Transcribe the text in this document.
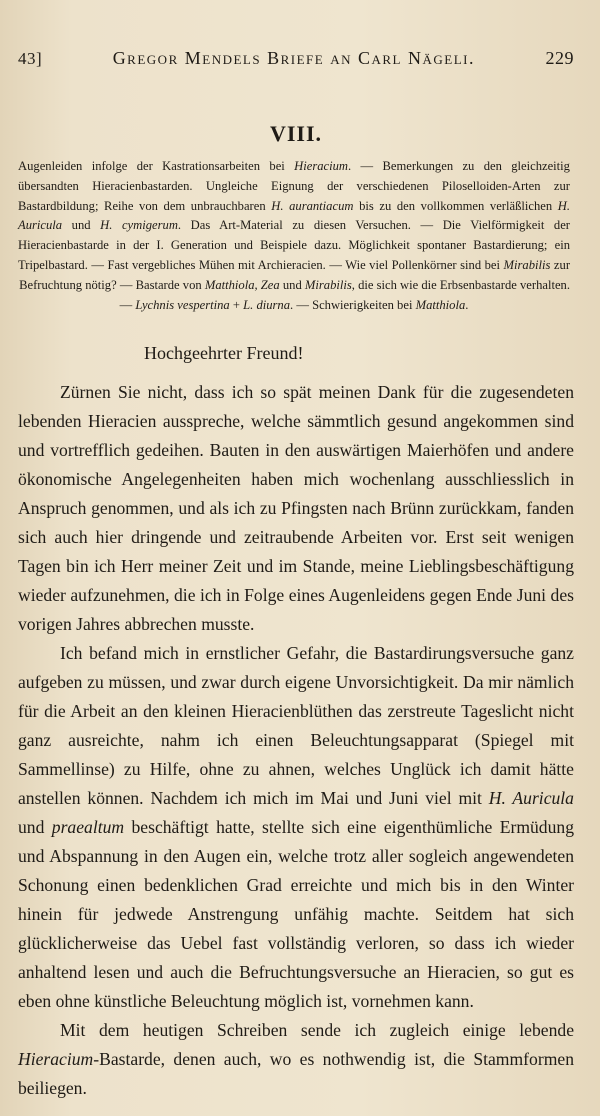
43]	Gregor Mendels Briefe an Carl Nägeli.	229
VIII.

Augenleiden infolge der Kastrationsarbeiten bei Hieracium. — Bemerkungen zu den gleichzeitig übersandten Hieracienbastarden. Ungleiche Eignung der verschiedenen Piloselloiden-Arten zur Bastardbildung; Reihe von dem unbrauchbaren H. aurantiacum bis zu den vollkommen verläßlichen H. Auricula und H. cymigerum. Das Art-Material zu diesen Versuchen. — Die Vielförmigkeit der Hieracienbastarde in der I. Generation und Beispiele dazu. Möglichkeit spontaner Bastardierung; ein Tripelbastard. — Fast vergebliches Mühen mit Archieracien. — Wie viel Pollenkörner sind bei Mirabilis zur Befruchtung nötig? — Bastarde von Matthiola, Zea und Mirabilis, die sich wie die Erbsenbastarde verhalten.
— Lychnis vespertina + L. diurna. — Schwierigkeiten bei Matthiola.

Hochgeehrter Freund!

Zürnen Sie nicht, dass ich so spät meinen Dank für die zugesendeten lebenden Hieracien ausspreche, welche sämmtlich gesund angekommen sind und vortrefflich gedeihen. Bauten in den auswärtigen Maierhöfen und andere ökonomische Angelegenheiten haben mich wochenlang ausschliesslich in Anspruch genommen, und als ich zu Pfingsten nach Brünn zurückkam, fanden sich auch hier dringende und zeitraubende Arbeiten vor. Erst seit wenigen Tagen bin ich Herr meiner Zeit und im Stande, meine Lieblingsbeschäftigung wieder aufzunehmen, die ich in Folge eines Augenleidens gegen Ende Juni des vorigen Jahres abbrechen musste.

Ich befand mich in ernstlicher Gefahr, die Bastardirungsversuche ganz aufgeben zu müssen, und zwar durch eigene Unvorsichtigkeit. Da mir nämlich für die Arbeit an den kleinen Hieracienblüthen das zerstreute Tageslicht nicht ganz ausreichte, nahm ich einen Beleuchtungsapparat (Spiegel mit Sammellinse) zu Hilfe, ohne zu ahnen, welches Unglück ich damit hätte anstellen können. Nachdem ich mich im Mai und Juni viel mit H. Auricula und praealtum beschäftigt hatte, stellte sich eine eigenthümliche Ermüdung und Abspannung in den Augen ein, welche trotz aller sogleich angewendeten Schonung einen bedenklichen Grad erreichte und mich bis in den Winter hinein für jedwede Anstrengung unfähig machte. Seitdem hat sich glücklicherweise das Uebel fast vollständig verloren, so dass ich wieder anhaltend lesen und auch die Befruchtungsversuche an Hieracien, so gut es eben ohne künstliche Beleuchtung möglich ist, vornehmen kann.

Mit dem heutigen Schreiben sende ich zugleich einige lebende Hieracium-Bastarde, denen auch, wo es nothwendig ist, die Stammformen beiliegen.
